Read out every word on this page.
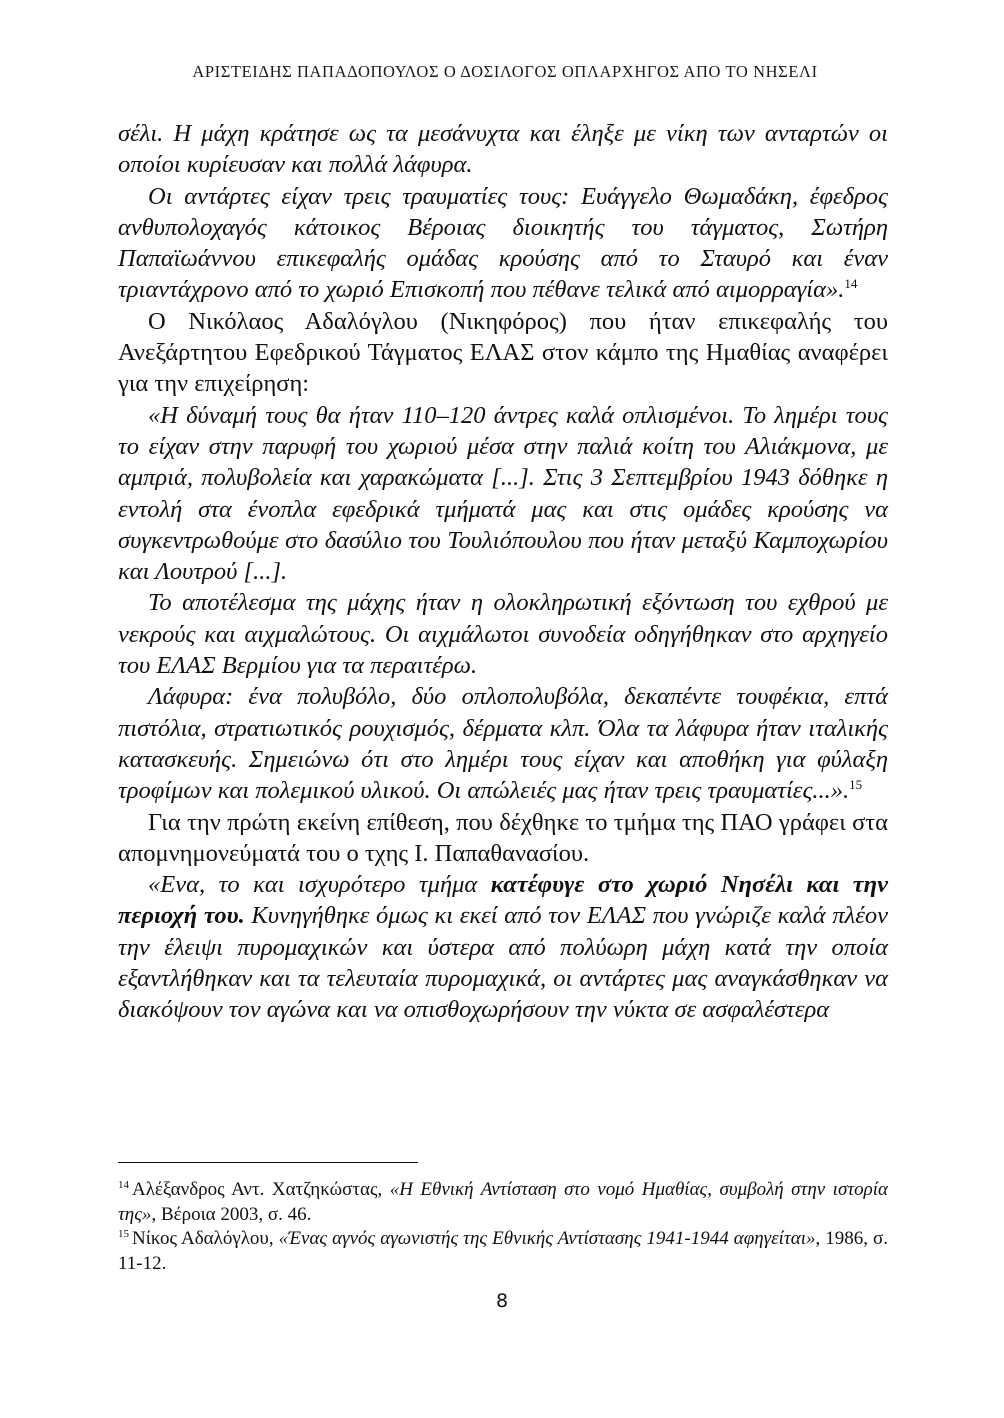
ΑΡΙΣΤΕΙΔΗΣ ΠΑΠΑΔΟΠΟΥΛΟΣ Ο ΔΟΣΙΛΟΓΟΣ ΟΠΛΑΡΧΗΓΟΣ ΑΠΟ ΤΟ ΝΗΣΕΛΙ

σέλι. Η μάχη κράτησε ως τα μεσάνυχτα και έληξε με νίκη των ανταρτών οι οποίοι κυρίευσαν και πολλά λάφυρα.

Οι αντάρτες είχαν τρεις τραυματίες τους: Ευάγγελο Θωμαδάκη, έφεδρος ανθυπολοχαγός κάτοικος Βέροιας διοικητής του τάγματος, Σωτήρη Παπαϊωάννου επικεφαλής ομάδας κρούσης από το Σταυρό και έναν τριαντάχρονο από το χωριό Επισκοπή που πέθανε τελικά από αιμορραγία».$^{14}$

Ο Νικόλαος Αδαλόγλου (Νικηφόρος) που ήταν επικεφαλής του Ανεξάρτητου Εφεδρικού Τάγματος ΕΛΑΣ στον κάμπο της Ημαθίας αναφέρει για την επιχείρηση:

«Η δύναμή τους θα ήταν 110–120 άντρες καλά οπλισμένοι. Το λημέρι τους το είχαν στην παρυφή του χωριού μέσα στην παλιά κοίτη του Αλιάκμονα, με αμπριά, πολυβολεία και χαρακώματα [...]. Στις 3 Σεπτεμβρίου 1943 δόθηκε η εντολή στα ένοπλα εφεδρικά τμήματά μας και στις ομάδες κρούσης να συγκεντρωθούμε στο δασύλιο του Τουλιόπουλου που ήταν μεταξύ Καμποχωρίου και Λουτρού [...].

Το αποτέλεσμα της μάχης ήταν η ολοκληρωτική εξόντωση του εχθρού με νεκρούς και αιχμαλώτους. Οι αιχμάλωτοι συνοδεία οδηγήθηκαν στο αρχηγείο του ΕΛΑΣ Βερμίου για τα περαιτέρω.

Λάφυρα: ένα πολυβόλο, δύο οπλοπολυβόλα, δεκαπέντε τουφέκια, επτά πιστόλια, στρατιωτικός ρουχισμός, δέρματα κλπ. Όλα τα λάφυρα ήταν ιταλικής κατασκευής. Σημειώνω ότι στο λημέρι τους είχαν και αποθήκη για φύλαξη τροφίμων και πολεμικού υλικού. Οι απώλειές μας ήταν τρεις τραυματίες...».$^{15}$

Για την πρώτη εκείνη επίθεση, που δέχθηκε το τμήμα της ΠΑΟ γράφει στα απομνημονεύματά του ο τχης Ι. Παπαθανασίου.

«Ενα, το και ισχυρότερο τμήμα κατέφυγε στο χωριό Νησέλι και την περιοχή του. Κυνηγήθηκε όμως κι εκεί από τον ΕΛΑΣ που γνώριζε καλά πλέον την έλειψι πυρομαχικών και ύστερα από πολύωρη μάχη κατά την οποία εξαντλήθηκαν και τα τελευταία πυρομαχικά, οι αντάρτες μας αναγκάσθηκαν να διακόψουν τον αγώνα και να οπισθοχωρήσουν την νύκτα σε ασφαλέστερα

$^{14}$ Αλέξανδρος Αντ. Χατζηκώστας, «Η Εθνική Αντίσταση στο νομό Ημαθίας, συμβολή στην ιστορία της», Βέροια 2003, σ. 46.

$^{15}$ Νίκος Αδαλόγλου, «Ένας αγνός αγωνιστής της Εθνικής Αντίστασης 1941-1944 αφηγείται», 1986, σ. 11-12.

8
